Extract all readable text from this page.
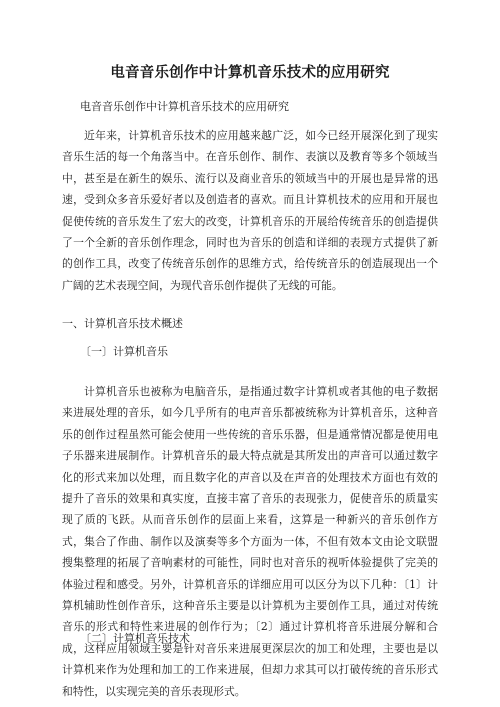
电音音乐创作中计算机音乐技术的应用研究
电音音乐创作中计算机音乐技术的应用研究

近年来，计算机音乐技术的应用越来越广泛，如今已经开展深化到了现实音乐生活的每一个角落当中。在音乐创作、制作、表演以及教育等多个领域当中，甚至是在新生的娱乐、流行以及商业音乐的领域当中的开展也是异常的迅速，受到众多音乐爱好者以及创造者的喜欢。而且计算机技术的应用和开展也促使传统的音乐发生了宏大的改变，计算机音乐的开展给传统音乐的创造提供了一个全新的音乐创作理念，同时也为音乐的创造和详细的表现方式提供了新的创作工具，改变了传统音乐创作的思维方式，给传统音乐的创造展现出一个广阔的艺术表现空间，为现代音乐创作提供了无线的可能。

一、计算机音乐技术概述
〔一〕计算机音乐

计算机音乐也被称为电脑音乐，是指通过数字计算机或者其他的电子数据来进展处理的音乐，如今几乎所有的电声音乐都被统称为计算机音乐，这种音乐的创作过程虽然可能会使用一些传统的音乐乐器，但是通常情况都是使用电子乐器来进展制作。计算机音乐的最大特点就是其所发出的声音可以通过数字化的形式来加以处理，而且数字化的声音以及在声音的处理技术方面也有效的提升了音乐的效果和真实度，直接丰富了音乐的表现张力，促使音乐的质量实现了质的飞跃。从而音乐创作的层面上来看，这算是一种新兴的音乐创作方式，集合了作曲、制作以及演奏等多个方面为一体，不但有效本文由论文联盟搜集整理的拓展了音响素材的可能性，同时也对音乐的视听体验提供了完美的体验过程和感受。另外，计算机音乐的详细应用可以区分为以下几种：〔1〕计算机辅助性创作音乐，这种音乐主要是以计算机为主要创作工具，通过对传统音乐的形式和特性来进展的创作行为；〔2〕通过计算机将音乐进展分解和合成，这样应用领域主要是针对音乐来进展更深层次的加工和处理，主要也是以计算机来作为处理和加工的工作来进展，但却力求其可以打破传统的音乐形式和特性，以实现完美的音乐表现形式。

〔二〕计算机音乐技术
